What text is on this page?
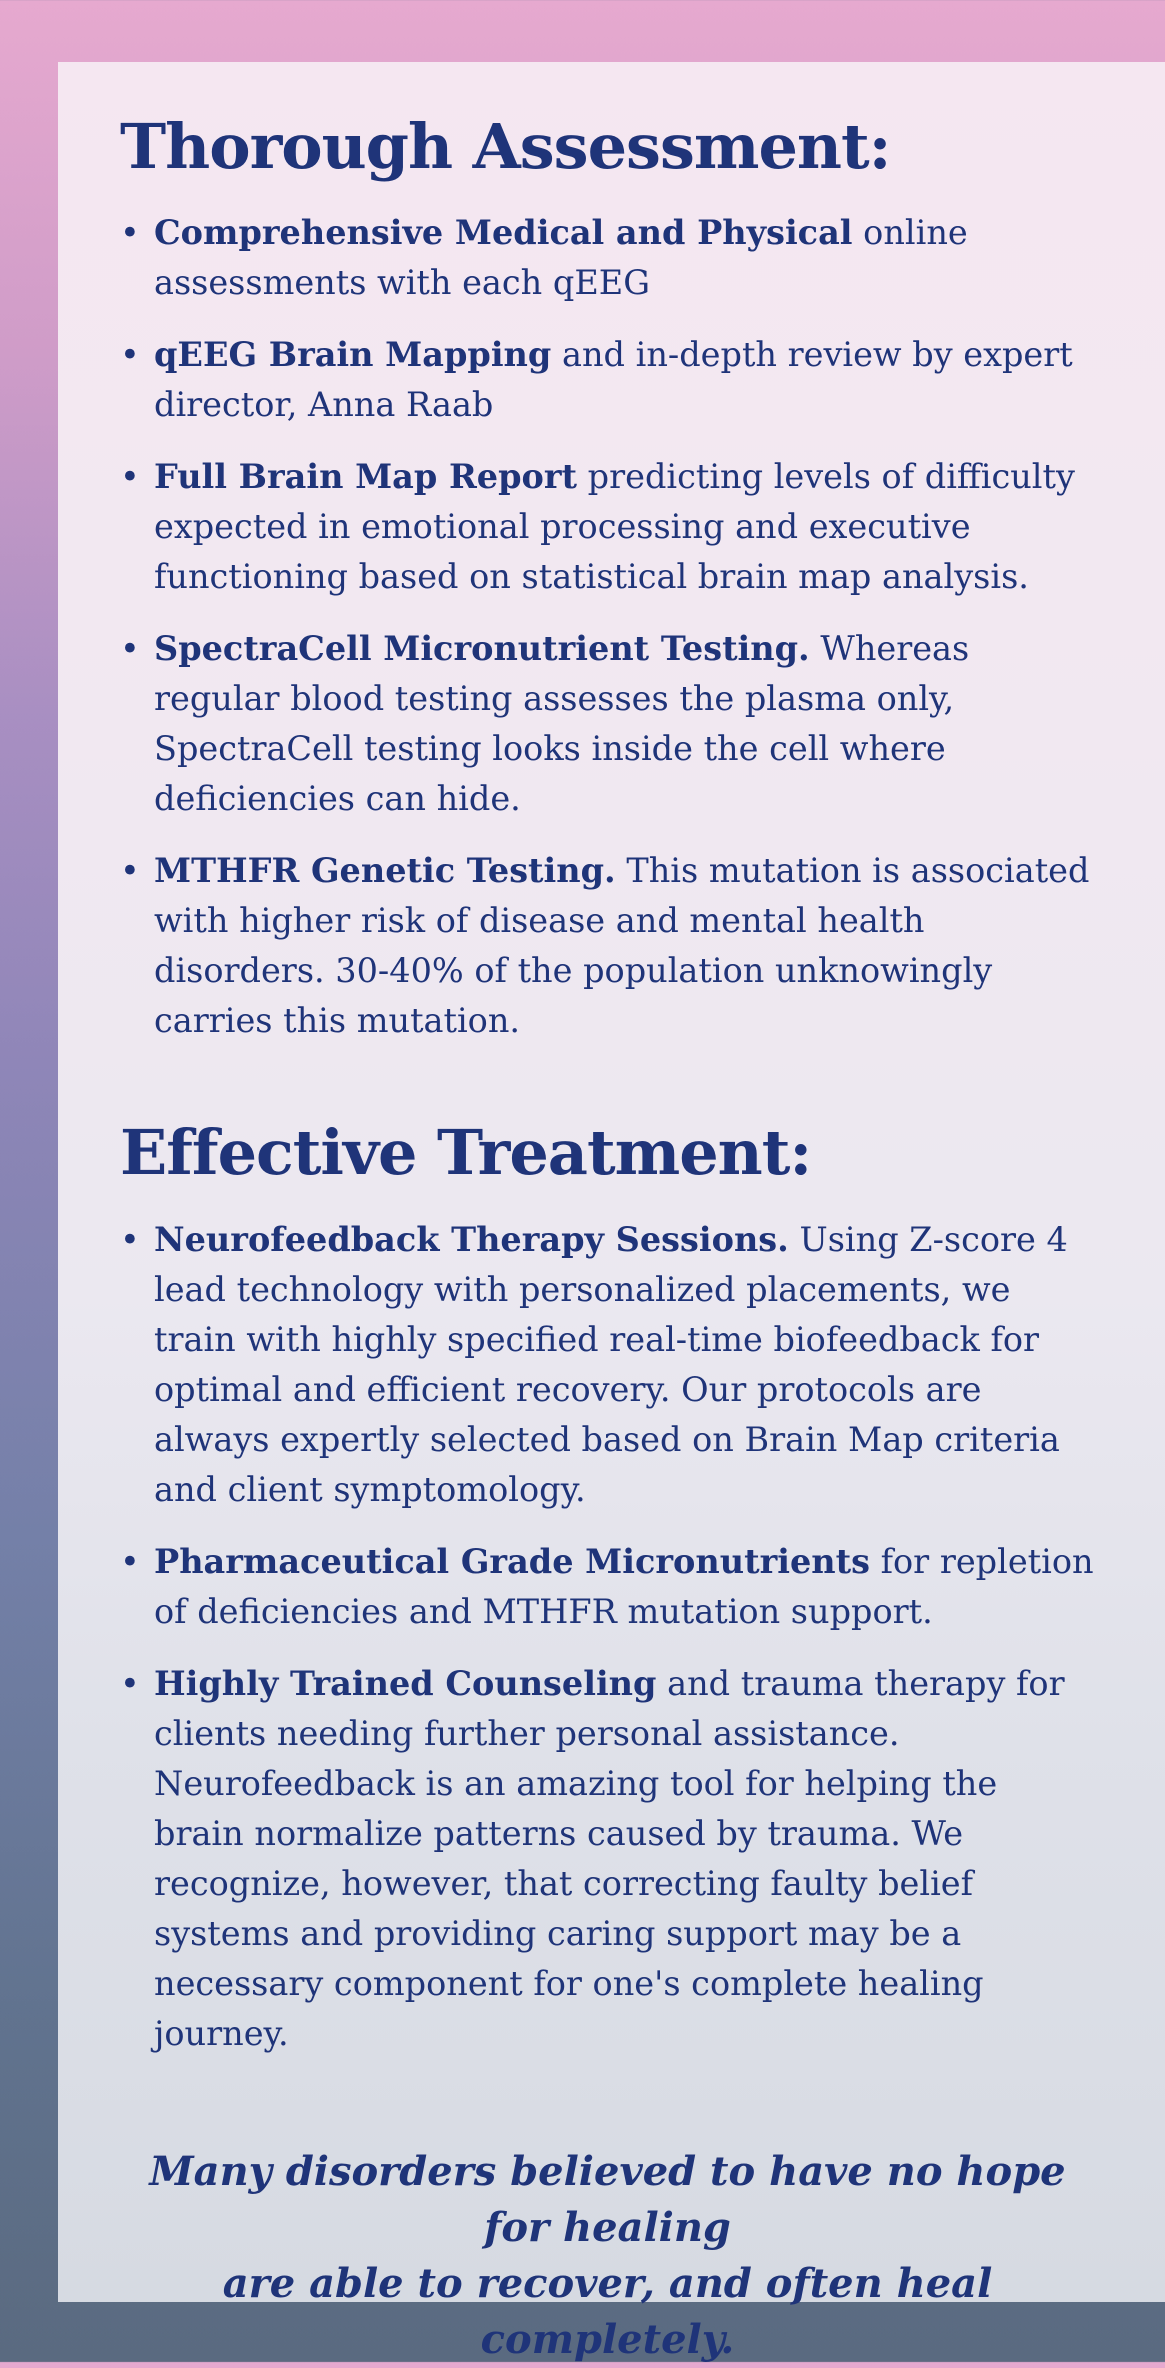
Thorough Assessment:
• Comprehensive Medical and Physical online assessments with each qEEG
• qEEG Brain Mapping and in-depth review by expert director, Anna Raab
• Full Brain Map Report predicting levels of difficulty expected in emotional processing and executive functioning based on statistical brain map analysis.
• SpectraCell Micronutrient Testing. Whereas regular blood testing assesses the plasma only, SpectraCell testing looks inside the cell where deficiencies can hide.
• MTHFR Genetic Testing. This mutation is associated with higher risk of disease and mental health disorders. 30-40% of the population unknowingly carries this mutation.
Effective Treatment:
• Neurofeedback Therapy Sessions. Using Z-score 4 lead technology with personalized placements, we train with highly specified real-time biofeedback for optimal and efficient recovery. Our protocols are always expertly selected based on Brain Map criteria and client symptomology.
• Pharmaceutical Grade Micronutrients for repletion of deficiencies and MTHFR mutation support.
• Highly Trained Counseling and trauma therapy for clients needing further personal assistance. Neurofeedback is an amazing tool for helping the brain normalize patterns caused by trauma. We recognize, however, that correcting faulty belief systems and providing caring support may be a necessary component for one's complete healing journey.

Many disorders believed to have no hope for healing
are able to recover, and often heal completely.
